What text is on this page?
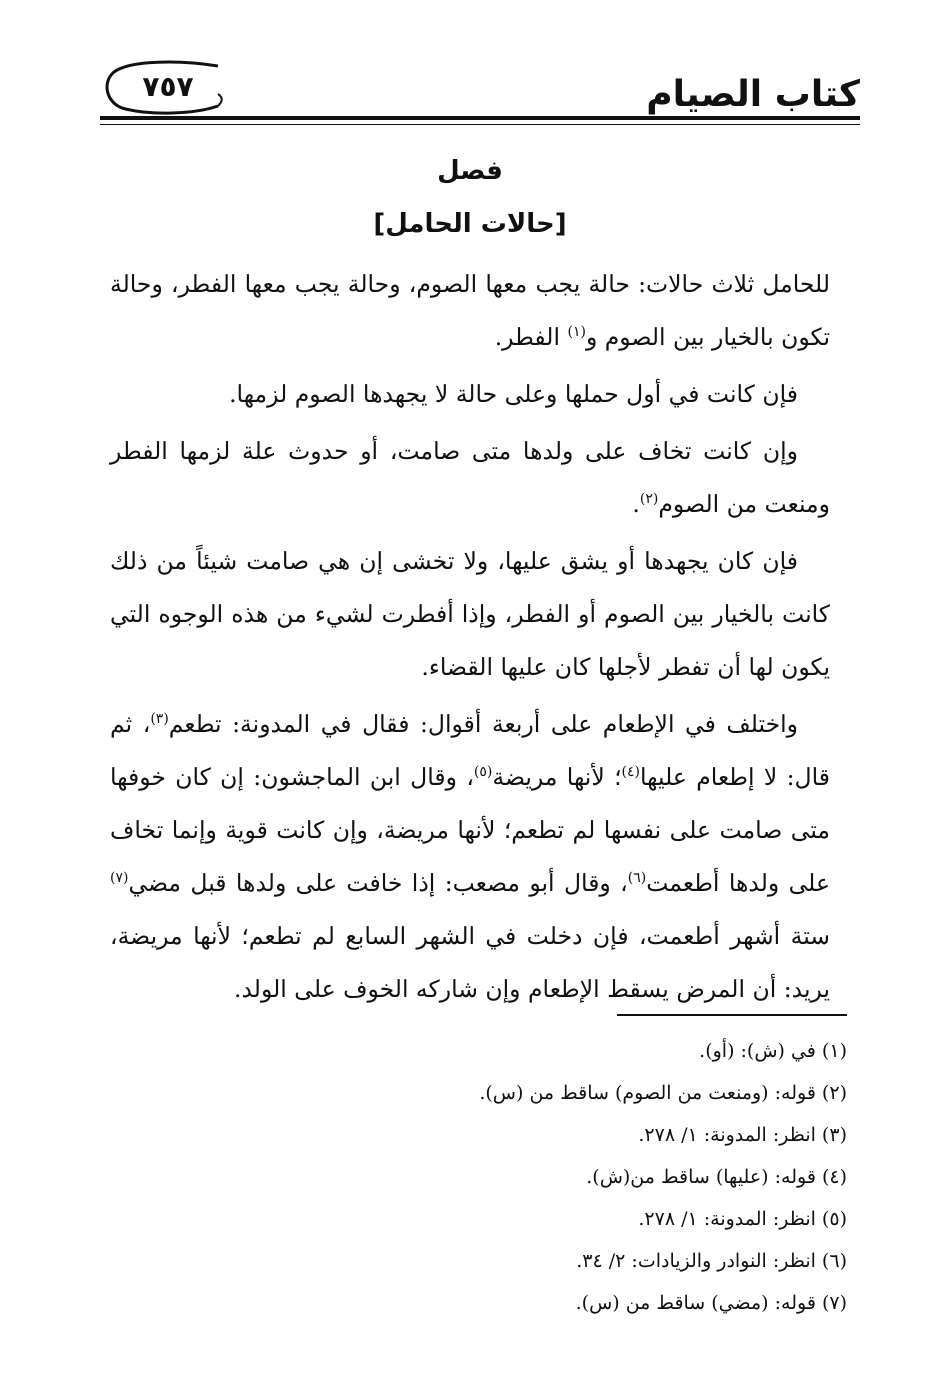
كتاب الصيام
٧٥٧
فصل
[حالات الحامل]

للحامل ثلاث حالات: حالة يجب معها الصوم، وحالة يجب معها الفطر، وحالة تكون بالخيار بين الصوم و$^{(١)}$ الفطر.

فإن كانت في أول حملها وعلى حالة لا يجهدها الصوم لزمها.

وإن كانت تخاف على ولدها متى صامت، أو حدوث علة لزمها الفطر ومنعت من الصوم$^{(٢)}$.

فإن كان يجهدها أو يشق عليها، ولا تخشى إن هي صامت شيئاً من ذلك كانت بالخيار بين الصوم أو الفطر، وإذا أفطرت لشيء من هذه الوجوه التي يكون لها أن تفطر لأجلها كان عليها القضاء.

واختلف في الإطعام على أربعة أقوال: فقال في المدونة: تطعم$^{(٣)}$، ثم قال: لا إطعام عليها$^{(٤)}$؛ لأنها مريضة$^{(٥)}$، وقال ابن الماجشون: إن كان خوفها متى صامت على نفسها لم تطعم؛ لأنها مريضة، وإن كانت قوية وإنما تخاف على ولدها أطعمت$^{(٦)}$، وقال أبو مصعب: إذا خافت على ولدها قبل مضي$^{(٧)}$ ستة أشهر أطعمت، فإن دخلت في الشهر السابع لم تطعم؛ لأنها مريضة، يريد: أن المرض يسقط الإطعام وإن شاركه الخوف على الولد.

(١) في (ش): (أو).

(٢) قوله: (ومنعت من الصوم) ساقط من (س).

(٣) انظر: المدونة: ١/ ٢٧٨.

(٤) قوله: (عليها) ساقط من(ش).

(٥) انظر: المدونة: ١/ ٢٧٨.

(٦) انظر: النوادر والزيادات: ٢/ ٣٤.

(٧) قوله: (مضي) ساقط من (س).
